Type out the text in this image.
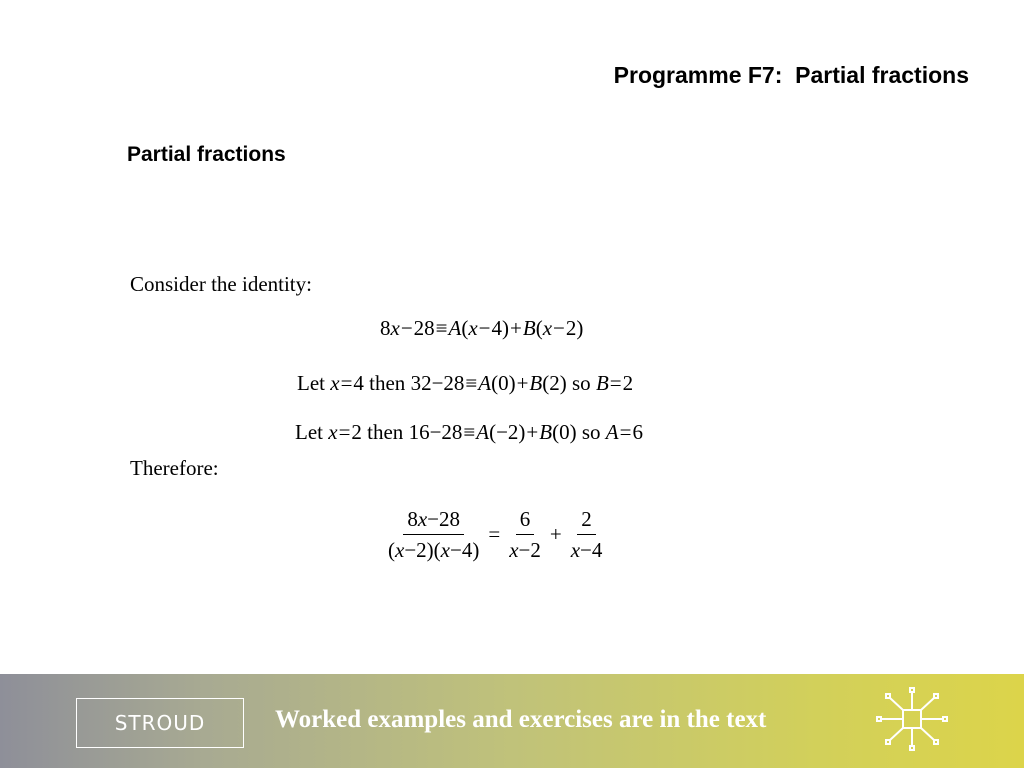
Programme F7:  Partial fractions
Partial fractions
Consider the identity:
8x−28≡A(x−4)+B(x−2)
Let x=4 then 32−28≡A(0)+B(2) so B=2
Let x=2 then 16−28≡A(−2)+B(0) so A=6
Therefore:
$\frac{8x-28}{(x-2)(x-4)} = \frac{6}{x-2} + \frac{2}{x-4}$
STROUD	Worked examples and exercises are in the text
